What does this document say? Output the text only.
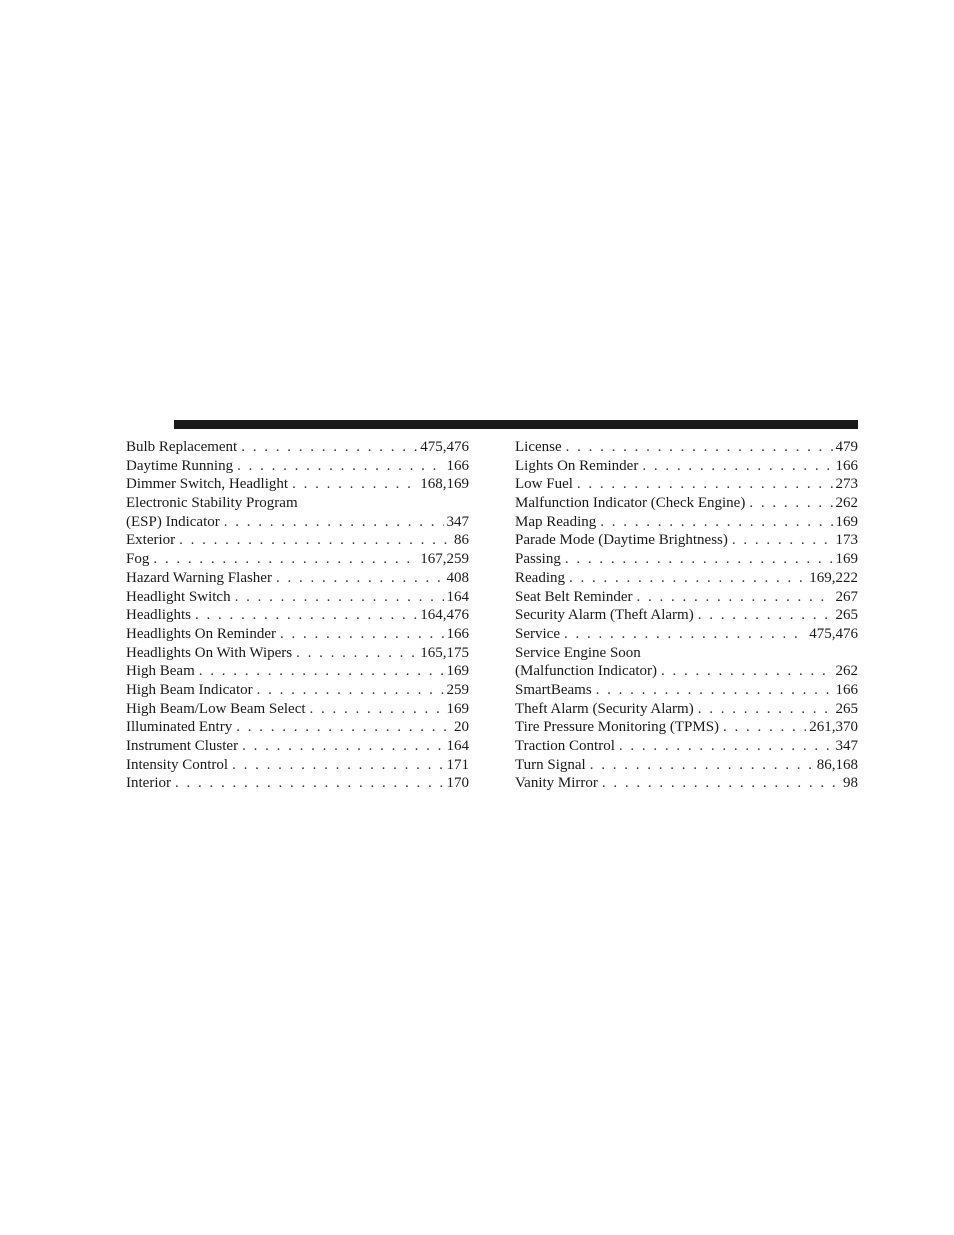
Bulb Replacement . . .	475,476
Daytime Running . . .	166
Dimmer Switch, Headlight . . .	168,169
Electronic Stability Program
(ESP) Indicator . . .	347
Exterior . . .	86
Fog . . .	167,259
Hazard Warning Flasher . . .	408
Headlight Switch . . .	164
Headlights . . .	164,476
Headlights On Reminder . . .	166
Headlights On With Wipers . . .	165,175
High Beam . . .	169
High Beam Indicator . . .	259
High Beam/Low Beam Select . . .	169
Illuminated Entry . . .	20
Instrument Cluster . . .	164
Intensity Control . . .	171
Interior . . .	170
License . . .	479
Lights On Reminder . . .	166
Low Fuel . . .	273
Malfunction Indicator (Check Engine) . . .	262
Map Reading . . .	169
Parade Mode (Daytime Brightness) . . .	173
Passing . . .	169
Reading . . .	169,222
Seat Belt Reminder . . .	267
Security Alarm (Theft Alarm) . . .	265
Service . . .	475,476
Service Engine Soon
(Malfunction Indicator) . . .	262
SmartBeams . . .	166
Theft Alarm (Security Alarm) . . .	265
Tire Pressure Monitoring (TPMS) . . .	261,370
Traction Control . . .	347
Turn Signal . . .	86,168
Vanity Mirror . . .	98
